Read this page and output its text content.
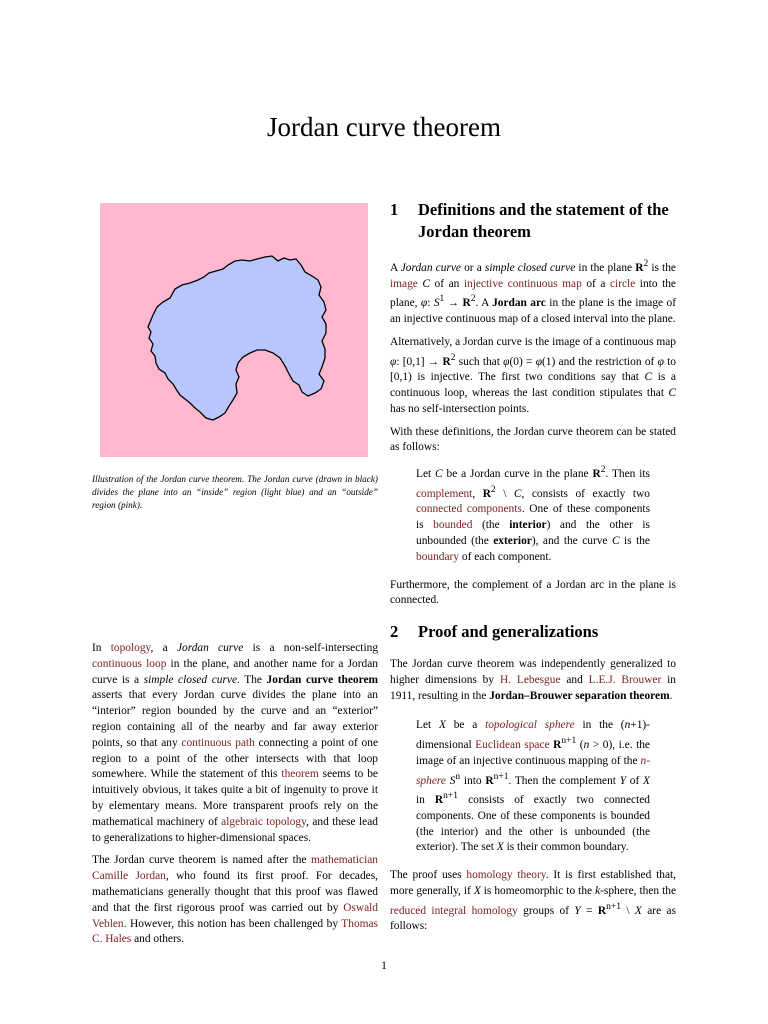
Jordan curve theorem
Illustration of the Jordan curve theorem. The Jordan curve (drawn in black) divides the plane into an “inside” region (light blue) and an “outside” region (pink).

In topology, a Jordan curve is a non-self-intersecting continuous loop in the plane, and another name for a Jordan curve is a simple closed curve. The Jordan curve theorem asserts that every Jordan curve divides the plane into an “interior” region bounded by the curve and an “exterior” region containing all of the nearby and far away exterior points, so that any continuous path connecting a point of one region to a point of the other intersects with that loop somewhere. While the statement of this theorem seems to be intuitively obvious, it takes quite a bit of ingenuity to prove it by elementary means. More transparent proofs rely on the mathematical machinery of algebraic topology, and these lead to generalizations to higher-dimensional spaces.

The Jordan curve theorem is named after the mathematician Camille Jordan, who found its first proof. For decades, mathematicians generally thought that this proof was flawed and that the first rigorous proof was carried out by Oswald Veblen. However, this notion has been challenged by Thomas C. Hales and others.

1	Definitions and the statement of the Jordan theorem

A Jordan curve or a simple closed curve in the plane $R^2$ is the image C of an injective continuous map of a circle into the plane, φ: $S^1 \to R^2$. A Jordan arc in the plane is the image of an injective continuous map of a closed interval into the plane.

Alternatively, a Jordan curve is the image of a continuous map φ: $[0,1] \to R^2$ such that φ(0) = φ(1) and the restriction of φ to [0,1) is injective. The first two conditions say that C is a continuous loop, whereas the last condition stipulates that C has no self-intersection points.

With these definitions, the Jordan curve theorem can be stated as follows:

Let C be a Jordan curve in the plane $R^2$. Then its complement, $R^2$ \ C, consists of exactly two connected components. One of these components is bounded (the interior) and the other is unbounded (the exterior), and the curve C is the boundary of each component.

Furthermore, the complement of a Jordan arc in the plane is connected.

2	Proof and generalizations

The Jordan curve theorem was independently generalized to higher dimensions by H. Lebesgue and L.E.J. Brouwer in 1911, resulting in the Jordan–Brouwer separation theorem.

Let X be a topological sphere in the (n+1)-dimensional Euclidean space $R^{n+1}$ (n > 0), i.e. the image of an injective continuous mapping of the n-sphere $S^n$ into $R^{n+1}$. Then the complement Y of X in $R^{n+1}$ consists of exactly two connected components. One of these components is bounded (the interior) and the other is unbounded (the exterior). The set X is their common boundary.

The proof uses homology theory. It is first established that, more generally, if X is homeomorphic to the k-sphere, then the reduced integral homology groups of $Y = R^{n+1}$ \ X are as follows:

1
